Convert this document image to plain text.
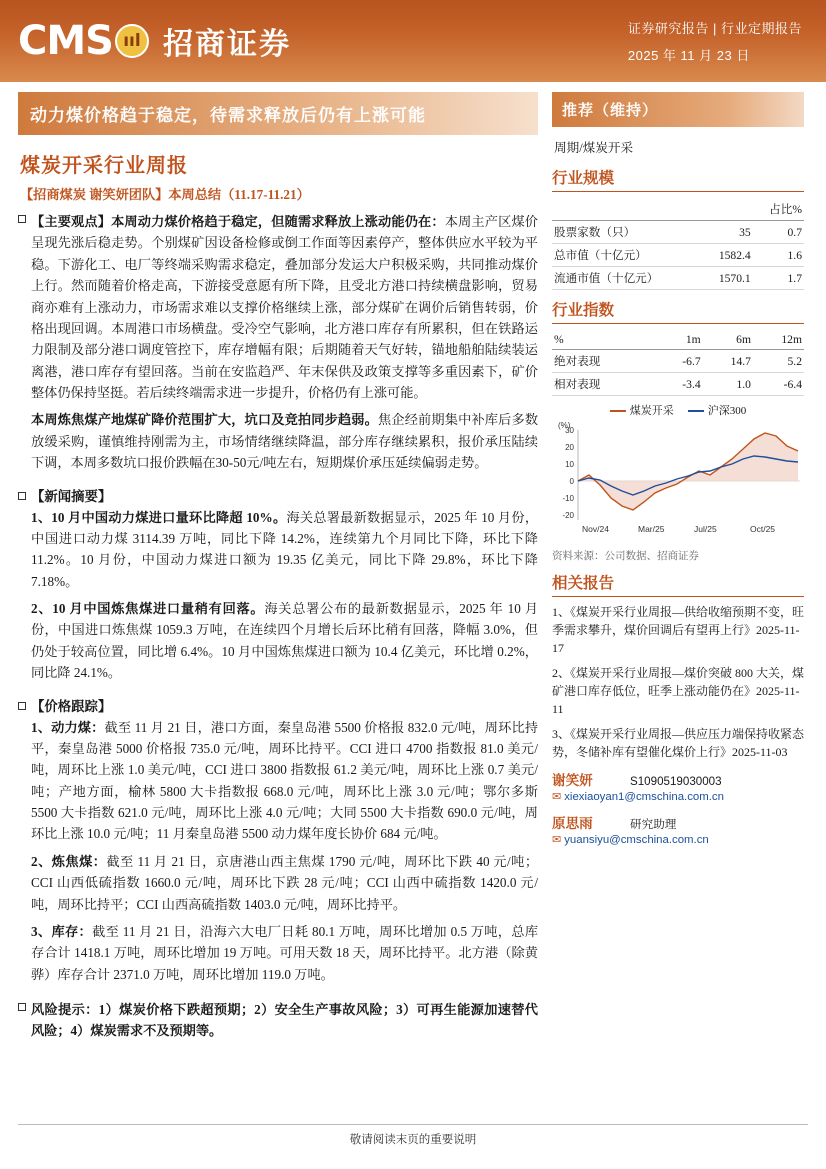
CMS ııl 招商证券	证券研究报告 | 行业定期报告
2025 年 11 月 23 日
动力煤价格趋于稳定，待需求释放后仍有上涨可能
煤炭开采行业周报
【招商煤炭 谢笑妍团队】本周总结（11.17-11.21）
【主要观点】本周动力煤价格趋于稳定，但随需求释放上涨动能仍在：本周主产区煤价呈现先涨后稳走势。个别煤矿因设备检修或倒工作面等因素停产，整体供应水平较为平稳。下游化工、电厂等终端采购需求稳定，叠加部分发运大户积极采购，共同推动煤价上行。然而随着价格走高，下游接受意愿有所下降，且受北方港口持续横盘影响，贸易商亦难有上涨动力，市场需求难以支撑价格继续上涨，部分煤矿在调价后销售转弱，价格出现回调。本周港口市场横盘。受冷空气影响，北方港口库存有所累积，但在铁路运力限制及部分港口调度管控下，库存增幅有限；后期随着天气好转，锚地船舶陆续装运离港，港口库存有望回落。当前在安监趋严、年末保供及政策支撑等多重因素下，矿价整体仍保持坚挺。若后续终端需求进一步提升，价格仍有上涨可能。
本周炼焦煤产地煤矿降价范围扩大，坑口及竞拍同步趋弱。焦企经前期集中补库后多数放缓采购，谨慎维持刚需为主，市场情绪继续降温，部分库存继续累积，报价承压陆续下调，本周多数坑口报价跌幅在30-50元/吨左右，短期煤价承压延续偏弱走势。
【新闻摘要】
1、10 月中国动力煤进口量环比降超 10%。海关总署最新数据显示，2025 年 10 月份，中国进口动力煤 3114.39 万吨，同比下降 14.2%，连续第九个月同比下降，环比下降 11.2%。10 月份，中国动力煤进口额为 19.35 亿美元，同比下降 29.8%，环比下降 7.18%。
2、10 月中国炼焦煤进口量稍有回落。海关总署公布的最新数据显示，2025 年 10 月份，中国进口炼焦煤 1059.3 万吨，在连续四个月增长后环比稍有回落，降幅 3.0%，但仍处于较高位置，同比增 6.4%。10 月中国炼焦煤进口额为 10.4 亿美元，环比增 0.2%，同比降 24.1%。
【价格跟踪】
1、动力煤：截至 11 月 21 日，港口方面，秦皇岛港 5500 价格报 832.0 元/吨，周环比持平，秦皇岛港 5000 价格报 735.0 元/吨，周环比持平。CCI 进口 4700 指数报 81.0 美元/吨，周环比上涨 1.0 美元/吨，CCI 进口 3800 指数报 61.2 美元/吨，周环比上涨 0.7 美元/吨；产地方面，榆林 5800 大卡指数报 668.0 元/吨，周环比上涨 3.0 元/吨；鄂尔多斯 5500 大卡指数 621.0 元/吨，周环比上涨 4.0 元/吨；大同 5500 大卡指数 690.0 元/吨，周环比上涨 10.0 元/吨；11 月秦皇岛港 5500 动力煤年度长协价 684 元/吨。
2、炼焦煤：截至 11 月 21 日，京唐港山西主焦煤 1790 元/吨，周环比下跌 40 元/吨；CCI 山西低硫指数 1660.0 元/吨，周环比下跌 28 元/吨；CCI 山西中硫指数 1420.0 元/吨，周环比持平；CCI 山西高硫指数 1403.0 元/吨，周环比持平。
3、库存：截至 11 月 21 日，沿海六大电厂日耗 80.1 万吨，周环比增加 0.5 万吨，总库存合计 1418.1 万吨，周环比增加 19 万吨。可用天数 18 天，周环比持平。北方港（除黄骅）库存合计 2371.0 万吨，周环比增加 119.0 万吨。
风险提示：1）煤炭价格下跌超预期；2）安全生产事故风险；3）可再生能源加速替代风险；4）煤炭需求不及预期等。
推荐（维持）
周期/煤炭开采
行业规模
		占比%
股票家数（只）	35	0.7
总市值（十亿元）	1582.4	1.6
流通市值（十亿元）	1570.1	1.7
行业指数
%	1m	6m	12m
绝对表现	-6.7	14.7	5.2
相对表现	-3.4	1.0	-6.4
煤炭开采	沪深300
30
20
10
0
-10
-20
(%)
Nov/24	Mar/25	Jul/25	Oct/25
资料来源：公司数据、招商证券
相关报告
1、《煤炭开采行业周报—供给收缩预期不变，旺季需求攀升，煤价回调后有望再上行》2025-11-17
2、《煤炭开采行业周报—煤价突破 800 大关，煤矿港口库存低位，旺季上涨动能仍在》2025-11-11
3、《煤炭开采行业周报—供应压力端保持收紧态势，冬储补库有望催化煤价上行》2025-11-03
谢笑妍	S1090519030003
✉ xiexiaoyan1@cmschina.com.cn
原思雨	研究助理
✉ yuansiyu@cmschina.com.cn
敬请阅读末页的重要说明
